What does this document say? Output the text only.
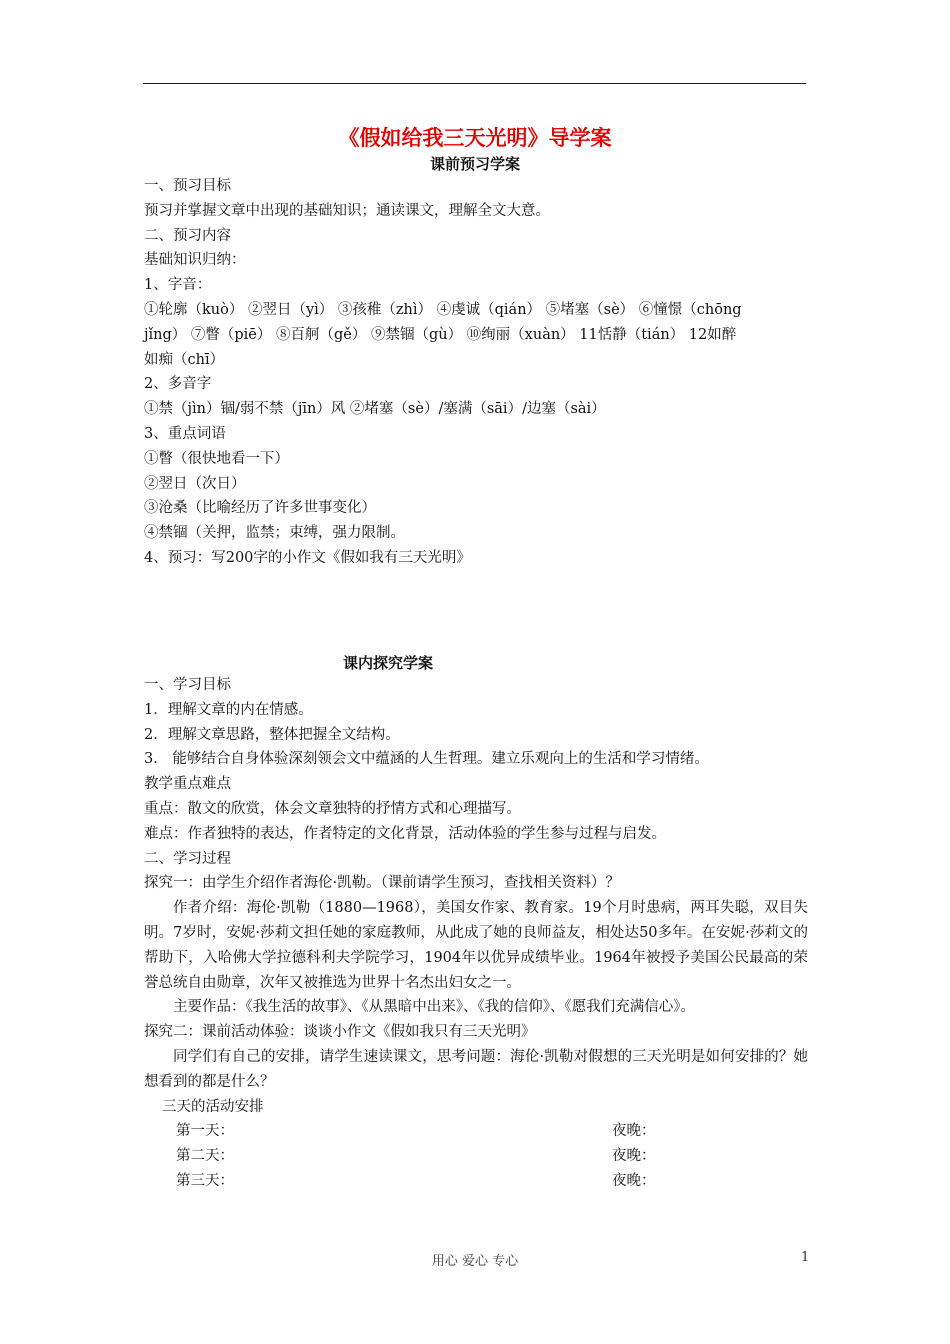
《假如给我三天光明》导学案
课前预习学案
一、预习目标
预习并掌握文章中出现的基础知识；通读课文，理解全文大意。
二、预习内容
基础知识归纳：
1、字音：
①轮廓（kuò） ②翌日（yì） ③孩稚（zhì） ④虔诚（qián） ⑤堵塞（sè） ⑥憧憬（chōng
jǐng） ⑦瞥（piē） ⑧百舸（gě） ⑨禁锢（gù） ⑩绚丽（xuàn） 11恬静（tián） 12如醉
如痴（chī）
2、多音字
①禁（jìn）锢/弱不禁（jīn）风 ②堵塞（sè）/塞满（sāi）/边塞（sài）
3、重点词语
①瞥（很快地看一下）
②翌日（次日）
③沧桑（比喻经历了许多世事变化）
④禁锢（关押，监禁；束缚，强力限制。
4、预习：写200字的小作文《假如我有三天光明》
课内探究学案
一、学习目标
1．理解文章的内在情感。
2．理解文章思路，整体把握全文结构。
3． 能够结合自身体验深刻领会文中蕴涵的人生哲理。建立乐观向上的生活和学习情绪。
教学重点难点
重点：散文的欣赏，体会文章独特的抒情方式和心理描写。
难点：作者独特的表达，作者特定的文化背景，活动体验的学生参与过程与启发。
二、学习过程
探究一：由学生介绍作者海伦·凯勒。（课前请学生预习，查找相关资料）？
作者介绍：海伦·凯勒（1880—1968），美国女作家、教育家。19个月时患病，两耳失聪，双目失明。7岁时，安妮·莎莉文担任她的家庭教师，从此成了她的良师益友，相处达50多年。在安妮·莎莉文的帮助下，入哈佛大学拉德科利夫学院学习，1904年以优异成绩毕业。1964年被授予美国公民最高的荣誉总统自由勋章，次年又被推选为世界十名杰出妇女之一。
主要作品：《我生活的故事》、《从黑暗中出来》、《我的信仰》、《愿我们充满信心》。
探究二：课前活动体验：谈谈小作文《假如我只有三天光明》
同学们有自己的安排，请学生速读课文，思考问题：海伦·凯勒对假想的三天光明是如何安排的？她想看到的都是什么？
三天的活动安排
第一天：	夜晚：
第二天：	夜晚：
第三天：	夜晚：
用心 爱心 专心	1
